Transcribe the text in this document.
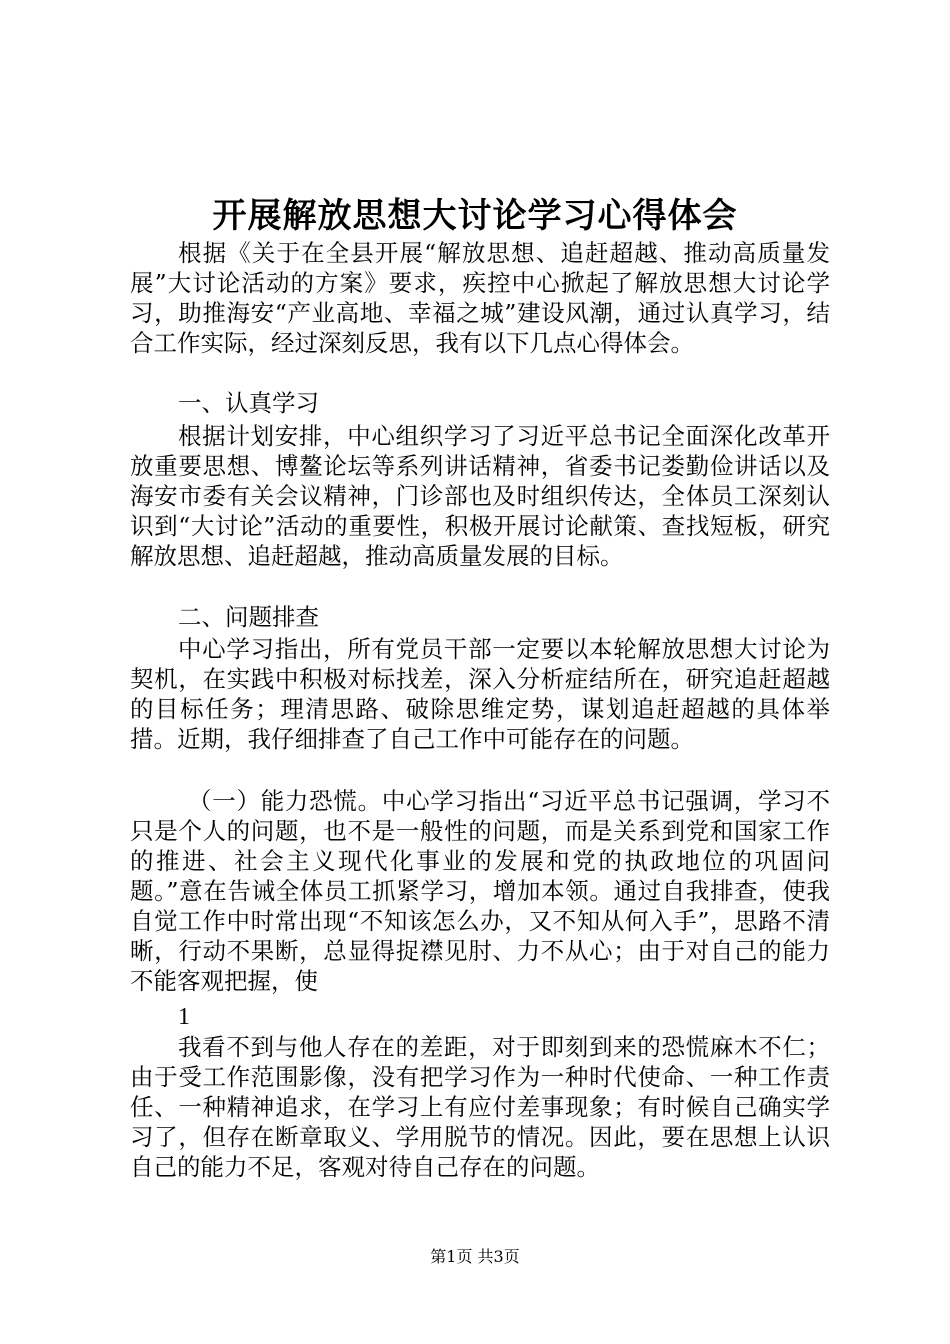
开展解放思想大讨论学习心得体会

根据《关于在全县开展“解放思想、追赶超越、推动高质量发展”大讨论活动的方案》要求，疾控中心掀起了解放思想大讨论学习，助推海安“产业高地、幸福之城”建设风潮，通过认真学习，结合工作实际，经过深刻反思，我有以下几点心得体会。

一、认真学习

根据计划安排，中心组织学习了习近平总书记全面深化改革开放重要思想、博鳌论坛等系列讲话精神，省委书记娄勤俭讲话以及海安市委有关会议精神，门诊部也及时组织传达，全体员工深刻认识到“大讨论”活动的重要性，积极开展讨论献策、查找短板，研究解放思想、追赶超越，推动高质量发展的目标。

二、问题排查

中心学习指出，所有党员干部一定要以本轮解放思想大讨论为契机，在实践中积极对标找差，深入分析症结所在，研究追赶超越的目标任务；理清思路、破除思维定势，谋划追赶超越的具体举措。近期，我仔细排查了自己工作中可能存在的问题。

（一）能力恐慌。中心学习指出“习近平总书记强调，学习不只是个人的问题，也不是一般性的问题，而是关系到党和国家工作的推进、社会主义现代化事业的发展和党的执政地位的巩固问题。”意在告诫全体员工抓紧学习，增加本领。通过自我排查，使我自觉工作中时常出现“不知该怎么办，又不知从何入手”，思路不清晰，行动不果断，总显得捉襟见肘、力不从心；由于对自己的能力不能客观把握，使

1

我看不到与他人存在的差距，对于即刻到来的恐慌麻木不仁；由于受工作范围影像，没有把学习作为一种时代使命、一种工作责任、一种精神追求，在学习上有应付差事现象；有时候自己确实学习了，但存在断章取义、学用脱节的情况。因此，要在思想上认识自己的能力不足，客观对待自己存在的问题。

第1页 共3页
